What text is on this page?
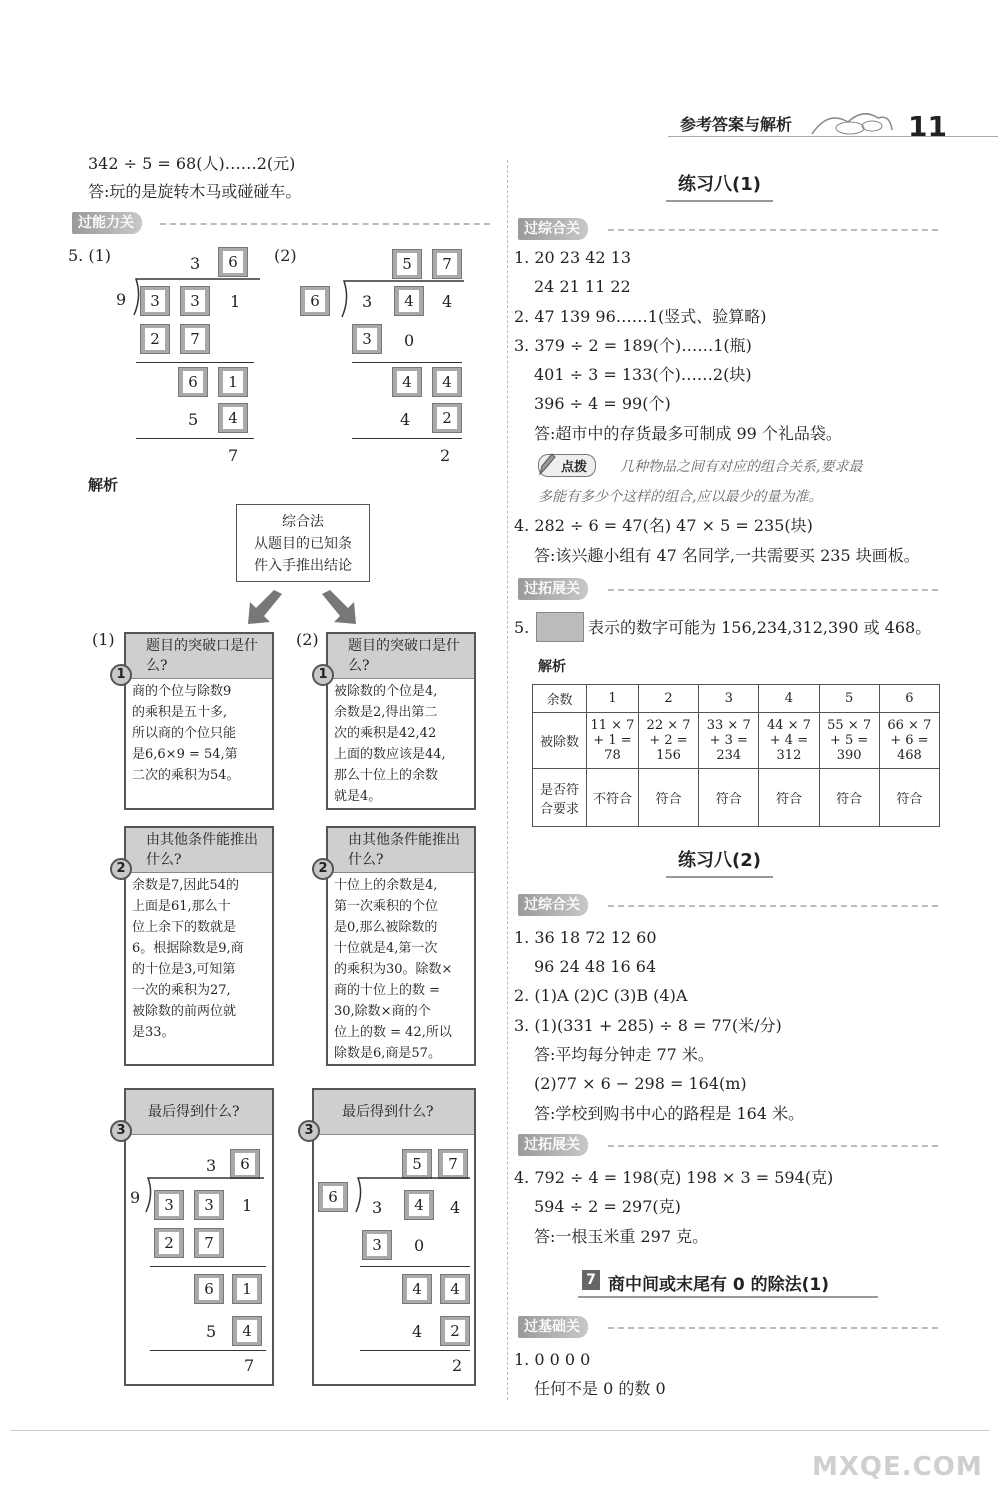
参考答案与解析	11
342 ÷ 5 = 68(人)……2(元)
答:玩的是旋转木马或碰碰车。
过能力关
5. (1)	(2)
3	6
9	3	3	1
2	7
6	1
5	4
7
5	7
6	3	4	4
3	0
4	4
4	2
2
解析
综合法
从题目的已知条
件入手推出结论
(1)	(2)
题目的突破口是什么?
商的个位与除数9
的乘积是五十多,
所以商的个位只能
是6,6×9 = 54,第
二次的乘积为54。
1
题目的突破口是什么?
被除数的个位是4,
余数是2,得出第二
次的乘积是42,42
上面的数应该是44,
那么十位上的余数
就是4。
1
由其他条件能推出什么?
余数是7,因此54的
上面是61,那么十
位上余下的数就是
6。根据除数是9,商
的十位是3,可知第
一次的乘积为27,
被除数的前两位就
是33。
2
由其他条件能推出什么?
十位上的余数是4,
第一次乘积的个位
是0,那么被除数的
十位就是4,第一次
的乘积为30。除数×
商的十位上的数 =
30,除数×商的个
位上的数 = 42,所以
除数是6,商是57。
2
最后得到什么?
3
3	6
9	3	3	1
2	7
6	1
5	4
7
最后得到什么?
3
5	7
6
3	4	4
3	0
4	4
4	2
2
练习八(1)
过综合关
1. 20 23 42 13
24 21 11 22
2. 47 139 96……1(竖式、验算略)
3. 379 ÷ 2 = 189(个)……1(瓶)
401 ÷ 3 = 133(个)……2(块)
396 ÷ 4 = 99(个)
答:超市中的存货最多可制成 99 个礼品袋。
点拨	几种物品之间有对应的组合关系,要求最
多能有多少个这样的组合,应以最少的量为准。
4. 282 ÷ 6 = 47(名) 47 × 5 = 235(块)
答:该兴趣小组有 47 名同学,一共需要买 235 块画板。
过拓展关
5.	表示的数字可能为 156,234,312,390 或 468。
解析
余数	1	2	3	4	5	6
被除数	11 × 7 + 1 = 78	22 × 7 + 2 = 156	33 × 7 + 3 = 234	44 × 7 + 4 = 312	55 × 7 + 5 = 390	66 × 7 + 6 = 468
是否符合要求	不符合	符合	符合	符合	符合	符合
练习八(2)
过综合关
1. 36 18 72 12 60
96 24 48 16 64
2. (1)A (2)C (3)B (4)A
3. (1)(331 + 285) ÷ 8 = 77(米/分)
答:平均每分钟走 77 米。
(2)77 × 6 − 298 = 164(m)
答:学校到购书中心的路程是 164 米。
过拓展关
4. 792 ÷ 4 = 198(克) 198 × 3 = 594(克)
594 ÷ 2 = 297(克)
答:一根玉米重 297 克。
7 商中间或末尾有 0 的除法(1)
过基础关
1. 0 0 0 0
任何不是 0 的数 0
MXQE.COM
